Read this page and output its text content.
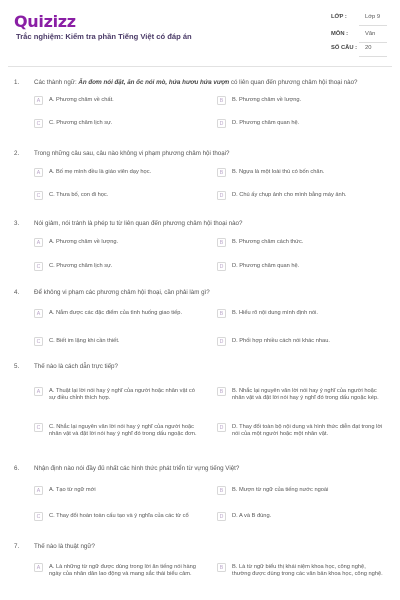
Quizizz
Trắc nghiệm: Kiểm tra phần Tiếng Việt có đáp án
LỚP :	Lớp 9
MÔN :	Văn
SỐ CÂU : 20
1. Các thành ngữ: Ăn đơm nói đặt, ăn ốc nói mò, hứa hươu hứa vượn có liên quan đến phương châm hội thoại nào?
A	A. Phương châm về chất.	B	B. Phương châm về lượng.
C	C. Phương châm lịch sự.	D	D. Phương châm quan hệ.
2. Trong những câu sau, câu nào không vi phạm phương châm hội thoại?
A	A. Bố mẹ mình đều là giáo viên dạy học.	B	B. Ngựa là một loài thú có bốn chân.
C	C. Thưa bố, con đi học.	D	D. Chú ấy chụp ảnh cho mình bằng máy ảnh.
3. Nói giảm, nói tránh là phép tu từ liên quan đến phương châm hội thoại nào?
A	A. Phương châm về lượng.	B	B. Phương châm cách thức.
C	C. Phương châm lịch sự.	D	D. Phương châm quan hệ.
4. Để không vi phạm các phương châm hội thoại, cần phải làm gì?
A	A. Nắm được các đặc điểm của tình huống giao tiếp.	B	B. Hiểu rõ nội dung mình định nói.
C	C. Biết im lặng khi cần thiết.	D	D. Phối hợp nhiều cách nói khác nhau.
5. Thế nào là cách dẫn trực tiếp?
A	A. Thuật lại lời nói hay ý nghĩ của người hoặc nhân vật có sự điều chỉnh thích hợp.
B	B. Nhắc lại nguyên văn lời nói hay ý nghĩ của người hoặc nhân vật và đặt lời nói hay ý nghĩ đó trong dấu ngoặc kép.
C	C. Nhắc lại nguyên văn lời nói hay ý nghĩ của người hoặc nhân vật và đặt lời nói hay ý nghĩ đó trong dấu ngoặc đơn.
D	D. Thay đổi toàn bộ nội dung và hình thức diễn đạt trong lời nói của một người hoặc một nhân vật.
6. Nhận định nào nói đầy đủ nhất các hình thức phát triển từ vựng tiếng Việt?
A	A. Tạo từ ngữ mới	B	B. Mượn từ ngữ của tiếng nước ngoài
C	C. Thay đổi hoàn toàn cấu tạo và ý nghĩa của các từ cổ	D	D. A và B đúng.
7. Thế nào là thuật ngữ?
A	A. Là những từ ngữ được dùng trong lời ăn tiếng nói hàng ngày của nhân dân lao động và mang sắc thái biểu cảm.
B	B. Là từ ngữ biểu thị khái niệm khoa học, công nghệ, thường được dùng trong các văn bản khoa học, công nghệ.
